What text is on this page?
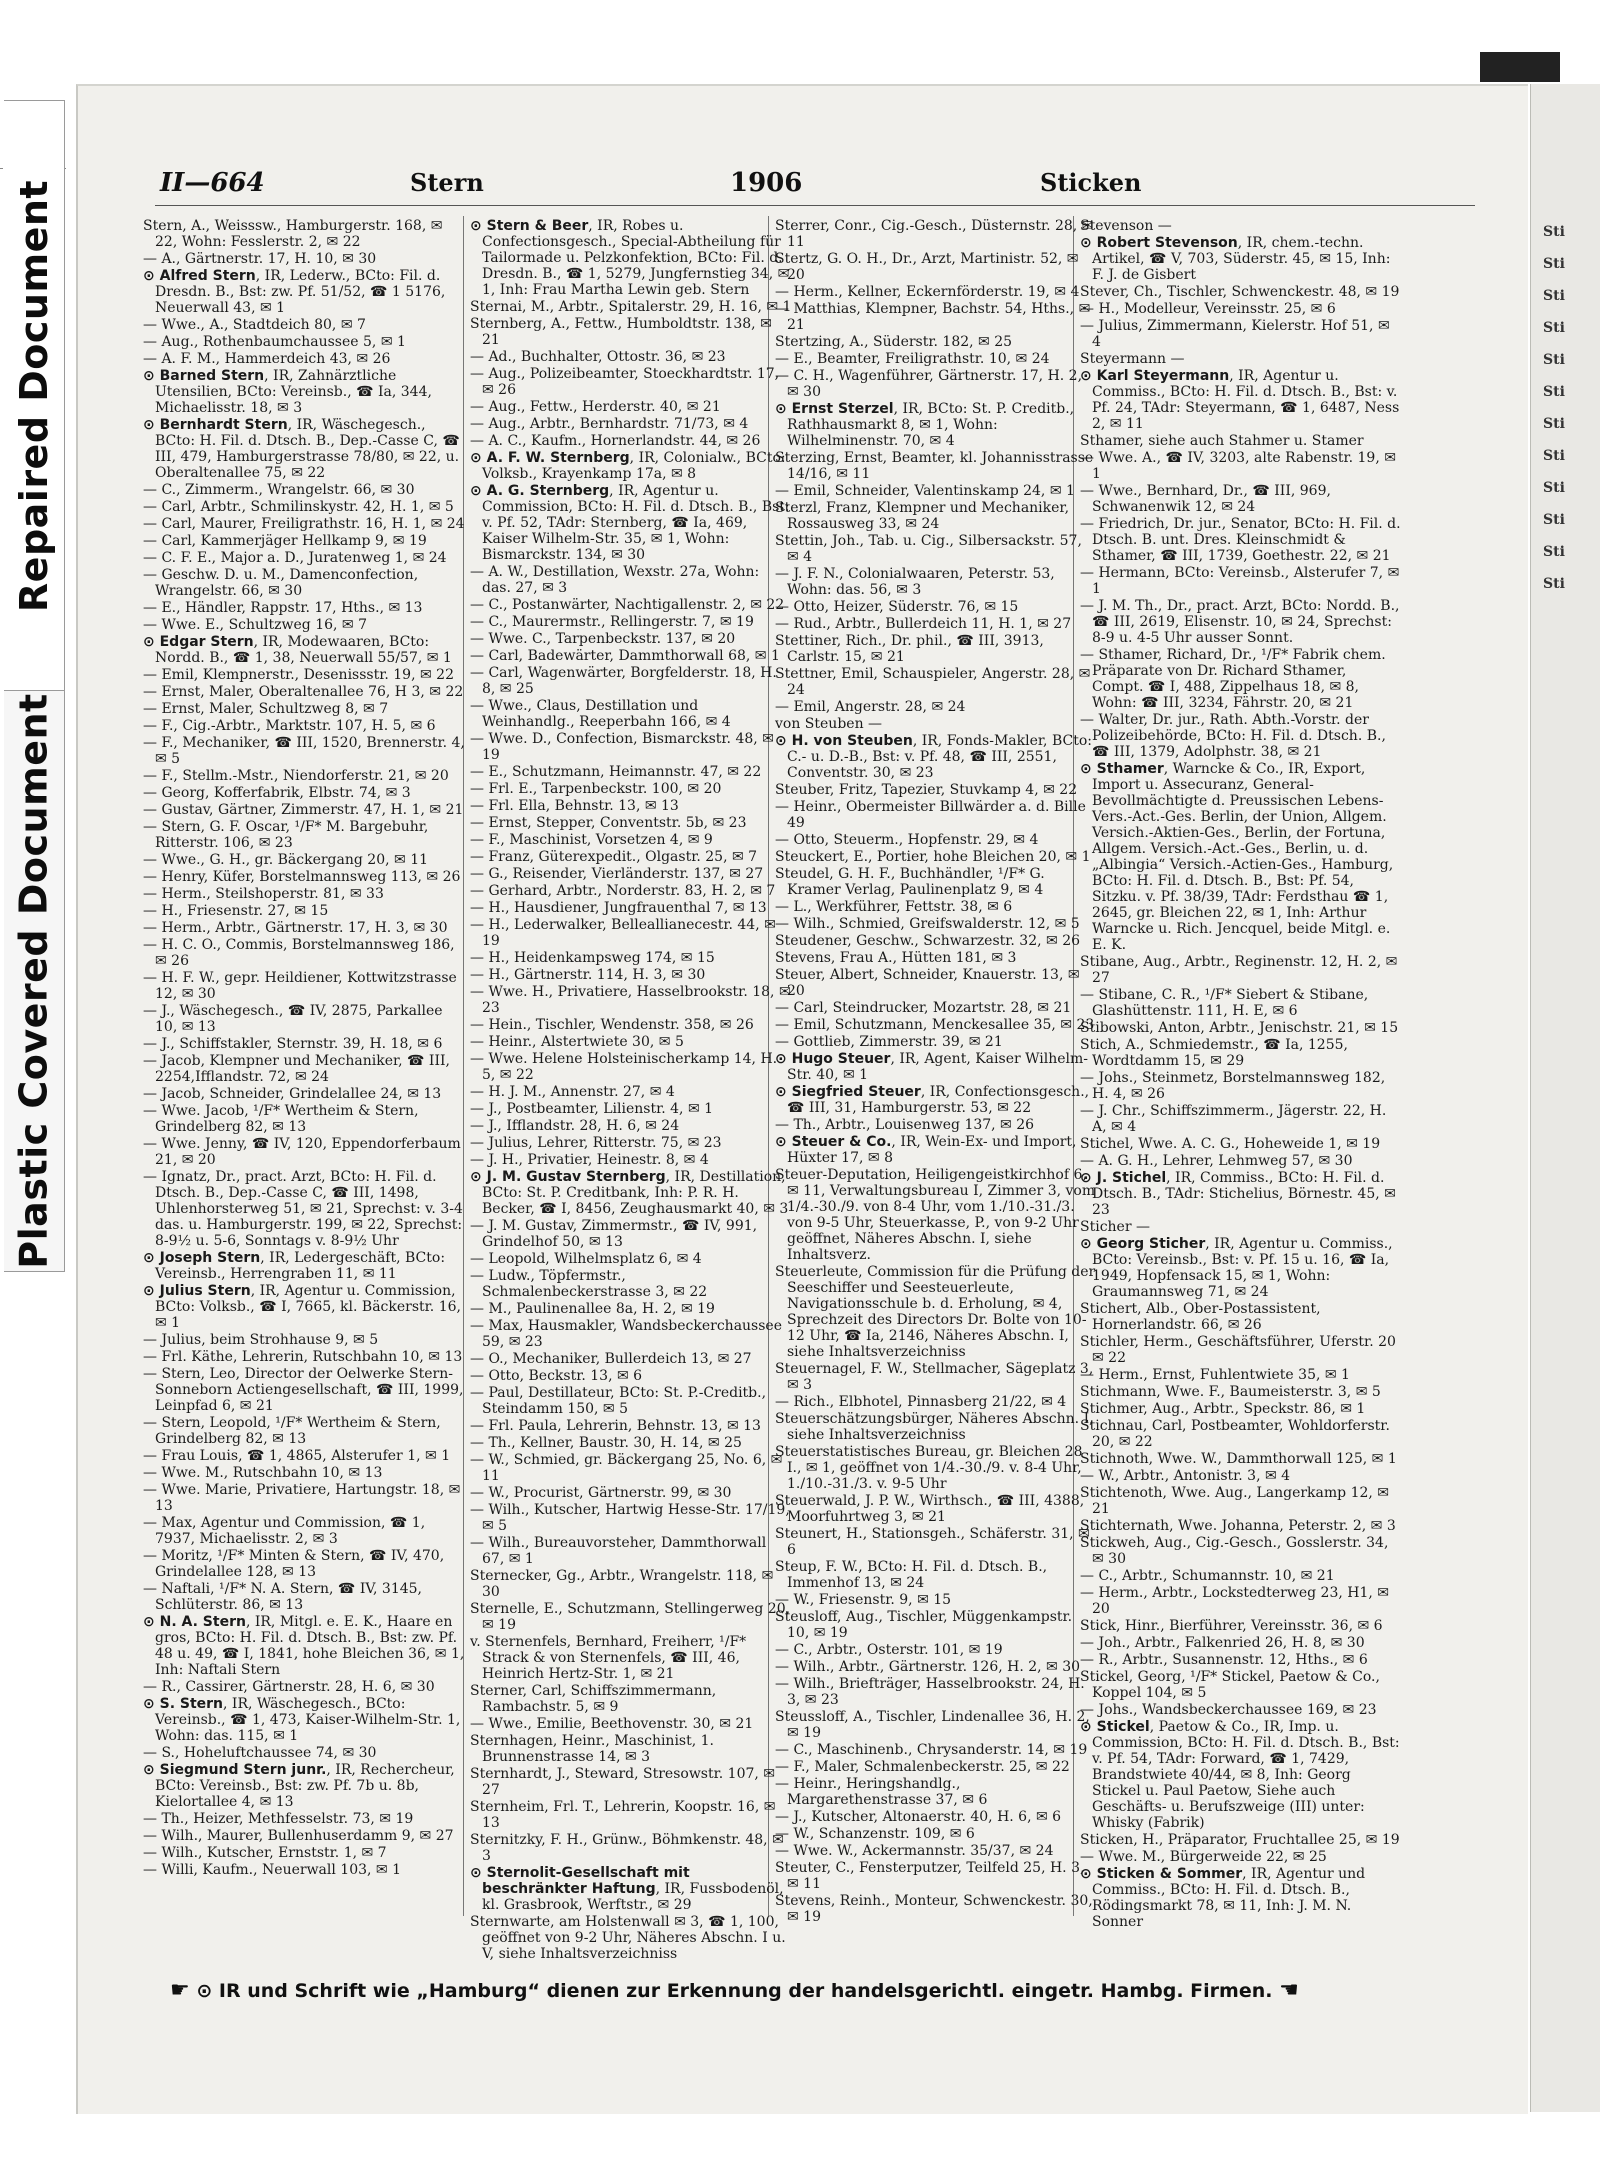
Repaired Document
Plastic Covered Document
Sti
Sti
Sti
Sti
Sti
Sti
Sti
Sti
Sti
Sti
Sti
Sti
II—664	Stern	1906	Sticken

Stern, A., Weisssw., Hamburgerstr. 168, ✉ 22, Wohn: Fesslerstr. 2, ✉ 22

— A., Gärtnerstr. 17, H. 10, ✉ 30

⊙ Alfred Stern, IR, Lederw., BCto: Fil. d. Dresdn. B., Bst: zw. Pf. 51/52, ☎ 1 5176, Neuerwall 43, ✉ 1

— Wwe., A., Stadtdeich 80, ✉ 7

— Aug., Rothenbaumchaussee 5, ✉ 1

— A. F. M., Hammerdeich 43, ✉ 26

⊙ Barned Stern, IR, Zahnärztliche Utensilien, BCto: Vereinsb., ☎ Ia, 344, Michaelisstr. 18, ✉ 3

⊙ Bernhardt Stern, IR, Wäschegesch., BCto: H. Fil. d. Dtsch. B., Dep.-Casse C, ☎ III, 479, Hamburgerstrasse 78/80, ✉ 22, u. Oberaltenallee 75, ✉ 22

— C., Zimmerm., Wrangelstr. 66, ✉ 30

— Carl, Arbtr., Schmilinskystr. 42, H. 1, ✉ 5

— Carl, Maurer, Freiligrathstr. 16, H. 1, ✉ 24

— Carl, Kammerjäger Hellkamp 9, ✉ 19

— C. F. E., Major a. D., Juratenweg 1, ✉ 24

— Geschw. D. u. M., Damenconfection, Wrangelstr. 66, ✉ 30

— E., Händler, Rappstr. 17, Hths., ✉ 13

— Wwe. E., Schultzweg 16, ✉ 7

⊙ Edgar Stern, IR, Modewaaren, BCto: Nordd. B., ☎ 1, 38, Neuerwall 55/57, ✉ 1

— Emil, Klempnerstr., Desenissstr. 19, ✉ 22

— Ernst, Maler, Oberaltenallee 76, H 3, ✉ 22

— Ernst, Maler, Schultzweg 8, ✉ 7

— F., Cig.-Arbtr., Marktstr. 107, H. 5, ✉ 6

— F., Mechaniker, ☎ III, 1520, Brennerstr. 4, ✉ 5

— F., Stellm.-Mstr., Niendorferstr. 21, ✉ 20

— Georg, Kofferfabrik, Elbstr. 74, ✉ 3

— Gustav, Gärtner, Zimmerstr. 47, H. 1, ✉ 21

— Stern, G. F. Oscar, ¹/F* M. Bargebuhr, Ritterstr. 106, ✉ 23

— Wwe., G. H., gr. Bäckergang 20, ✉ 11

— Henry, Küfer, Borstelmannsweg 113, ✉ 26

— Herm., Steilshoperstr. 81, ✉ 33

— H., Friesenstr. 27, ✉ 15

— Herm., Arbtr., Gärtnerstr. 17, H. 3, ✉ 30

— H. C. O., Commis, Borstelmannsweg 186, ✉ 26

— H. F. W., gepr. Heildiener, Kottwitzstrasse 12, ✉ 30

— J., Wäschegesch., ☎ IV, 2875, Parkallee 10, ✉ 13

— J., Schiffstakler, Sternstr. 39, H. 18, ✉ 6

— Jacob, Klempner und Mechaniker, ☎ III, 2254,Ifflandstr. 72, ✉ 24

— Jacob, Schneider, Grindelallee 24, ✉ 13

— Wwe. Jacob, ¹/F* Wertheim & Stern, Grindelberg 82, ✉ 13

— Wwe. Jenny, ☎ IV, 120, Eppendorferbaum 21, ✉ 20

— Ignatz, Dr., pract. Arzt, BCto: H. Fil. d. Dtsch. B., Dep.-Casse C, ☎ III, 1498, Uhlenhorsterweg 51, ✉ 21, Sprechst: v. 3-4 das. u. Hamburgerstr. 199, ✉ 22, Sprechst: 8-9½ u. 5-6, Sonntags v. 8-9½ Uhr

⊙ Joseph Stern, IR, Ledergeschäft, BCto: Vereinsb., Herrengraben 11, ✉ 11

⊙ Julius Stern, IR, Agentur u. Commission, BCto: Volksb., ☎ I, 7665, kl. Bäckerstr. 16, ✉ 1

— Julius, beim Strohhause 9, ✉ 5

— Frl. Käthe, Lehrerin, Rutschbahn 10, ✉ 13

— Stern, Leo, Director der Oelwerke Stern-Sonneborn Actiengesellschaft, ☎ III, 1999, Leinpfad 6, ✉ 21

— Stern, Leopold, ¹/F* Wertheim & Stern, Grindelberg 82, ✉ 13

— Frau Louis, ☎ 1, 4865, Alsterufer 1, ✉ 1

— Wwe. M., Rutschbahn 10, ✉ 13

— Wwe. Marie, Privatiere, Hartungstr. 18, ✉ 13

— Max, Agentur und Commission, ☎ 1, 7937, Michaelisstr. 2, ✉ 3

— Moritz, ¹/F* Minten & Stern, ☎ IV, 470, Grindelallee 128, ✉ 13

— Naftali, ¹/F* N. A. Stern, ☎ IV, 3145, Schlüterstr. 86, ✉ 13

⊙ N. A. Stern, IR, Mitgl. e. E. K., Haare en gros, BCto: H. Fil. d. Dtsch. B., Bst: zw. Pf. 48 u. 49, ☎ I, 1841, hohe Bleichen 36, ✉ 1, Inh: Naftali Stern

— R., Cassirer, Gärtnerstr. 28, H. 6, ✉ 30

⊙ S. Stern, IR, Wäschegesch., BCto: Vereinsb., ☎ 1, 473, Kaiser-Wilhelm-Str. 1, Wohn: das. 115, ✉ 1

— S., Hoheluftchaussee 74, ✉ 30

⊙ Siegmund Stern junr., IR, Rechercheur, BCto: Vereinsb., Bst: zw. Pf. 7b u. 8b, Kielortallee 4, ✉ 13

— Th., Heizer, Methfesselstr. 73, ✉ 19

— Wilh., Maurer, Bullenhuserdamm 9, ✉ 27

— Wilh., Kutscher, Ernststr. 1, ✉ 7

— Willi, Kaufm., Neuerwall 103, ✉ 1

⊙ Stern & Beer, IR, Robes u. Confectionsgesch., Special-Abtheilung für Tailormade u. Pelzkonfektion, BCto: Fil. d. Dresdn. B., ☎ 1, 5279, Jungfernstieg 34, ✉ 1, Inh: Frau Martha Lewin geb. Stern

Sternai, M., Arbtr., Spitalerstr. 29, H. 16, ✉ 1

Sternberg, A., Fettw., Humboldtstr. 138, ✉ 21

— Ad., Buchhalter, Ottostr. 36, ✉ 23

— Aug., Polizeibeamter, Stoeckhardtstr. 17, ✉ 26

— Aug., Fettw., Herderstr. 40, ✉ 21

— Aug., Arbtr., Bernhardstr. 71/73, ✉ 4

— A. C., Kaufm., Hornerlandstr. 44, ✉ 26

⊙ A. F. W. Sternberg, IR, Colonialw., BCto: Volksb., Krayenkamp 17a, ✉ 8

⊙ A. G. Sternberg, IR, Agentur u. Commission, BCto: H. Fil. d. Dtsch. B., Bst: v. Pf. 52, TAdr: Sternberg, ☎ Ia, 469, Kaiser Wilhelm-Str. 35, ✉ 1, Wohn: Bismarckstr. 134, ✉ 30

— A. W., Destillation, Wexstr. 27a, Wohn: das. 27, ✉ 3

— C., Postanwärter, Nachtigallenstr. 2, ✉ 22

— C., Maurermstr., Rellingerstr. 7, ✉ 19

— Wwe. C., Tarpenbeckstr. 137, ✉ 20

— Carl, Badewärter, Dammthorwall 68, ✉ 1

— Carl, Wagenwärter, Borgfelderstr. 18, H. 8, ✉ 25

— Wwe., Claus, Destillation und Weinhandlg., Reeperbahn 166, ✉ 4

— Wwe. D., Confection, Bismarckstr. 48, ✉ 19

— E., Schutzmann, Heimannstr. 47, ✉ 22

— Frl. E., Tarpenbeckstr. 100, ✉ 20

— Frl. Ella, Behnstr. 13, ✉ 13

— Ernst, Stepper, Conventstr. 5b, ✉ 23

— F., Maschinist, Vorsetzen 4, ✉ 9

— Franz, Güterexpedit., Olgastr. 25, ✉ 7

— G., Reisender, Vierländerstr. 137, ✉ 27

— Gerhard, Arbtr., Norderstr. 83, H. 2, ✉ 7

— H., Hausdiener, Jungfrauenthal 7, ✉ 13

— H., Lederwalker, Belleallianecestr. 44, ✉ 19

— H., Heidenkampsweg 174, ✉ 15

— H., Gärtnerstr. 114, H. 3, ✉ 30

— Wwe. H., Privatiere, Hasselbrookstr. 18, ✉ 23

— Hein., Tischler, Wendenstr. 358, ✉ 26

— Heinr., Alstertwiete 30, ✉ 5

— Wwe. Helene Holsteinischerkamp 14, H. 5, ✉ 22

— H. J. M., Annenstr. 27, ✉ 4

— J., Postbeamter, Lilienstr. 4, ✉ 1

— J., Ifflandstr. 28, H. 6, ✉ 24

— Julius, Lehrer, Ritterstr. 75, ✉ 23

— J. H., Privatier, Heinestr. 8, ✉ 4

⊙ J. M. Gustav Sternberg, IR, Destillation, BCto: St. P. Creditbank, Inh: P. R. H. Becker, ☎ I, 8456, Zeughausmarkt 40, ✉ 3

— J. M. Gustav, Zimmermstr., ☎ IV, 991, Grindelhof 50, ✉ 13

— Leopold, Wilhelmsplatz 6, ✉ 4

— Ludw., Töpfermstr., Schmalenbeckerstrasse 3, ✉ 22

— M., Paulinenallee 8a, H. 2, ✉ 19

— Max, Hausmakler, Wandsbeckerchaussee 59, ✉ 23

— O., Mechaniker, Bullerdeich 13, ✉ 27

— Otto, Beckstr. 13, ✉ 6

— Paul, Destillateur, BCto: St. P.-Creditb., Steindamm 150, ✉ 5

— Frl. Paula, Lehrerin, Behnstr. 13, ✉ 13

— Th., Kellner, Baustr. 30, H. 14, ✉ 25

— W., Schmied, gr. Bäckergang 25, No. 6, ✉ 11

— W., Procurist, Gärtnerstr. 99, ✉ 30

— Wilh., Kutscher, Hartwig Hesse-Str. 17/19, ✉ 5

— Wilh., Bureauvorsteher, Dammthorwall 67, ✉ 1

Sternecker, Gg., Arbtr., Wrangelstr. 118, ✉ 30

Sternelle, E., Schutzmann, Stellingerweg 20, ✉ 19

v. Sternenfels, Bernhard, Freiherr, ¹/F* Strack & von Sternenfels, ☎ III, 46, Heinrich Hertz-Str. 1, ✉ 21

Sterner, Carl, Schiffszimmermann, Rambachstr. 5, ✉ 9

— Wwe., Emilie, Beethovenstr. 30, ✉ 21

Sternhagen, Heinr., Maschinist, 1. Brunnenstrasse 14, ✉ 3

Sternhardt, J., Steward, Stresowstr. 107, ✉ 27

Sternheim, Frl. T., Lehrerin, Koopstr. 16, ✉ 13

Sternitzky, F. H., Grünw., Böhmkenstr. 48, ✉ 3

⊙ Sternolit-Gesellschaft mit beschränkter Haftung, IR, Fussbodenöl, kl. Grasbrook, Werftstr., ✉ 29

Sternwarte, am Holstenwall ✉ 3, ☎ 1, 100, geöffnet von 9-2 Uhr, Näheres Abschn. I u. V, siehe Inhaltsverzeichniss

Sterrer, Conr., Cig.-Gesch., Düsternstr. 28, ✉ 11

Stertz, G. O. H., Dr., Arzt, Martinistr. 52, ✉ 20

— Herm., Kellner, Eckernförderstr. 19, ✉ 4

— Matthias, Klempner, Bachstr. 54, Hths., ✉ 21

Stertzing, A., Süderstr. 182, ✉ 25

— E., Beamter, Freiligrathstr. 10, ✉ 24

— C. H., Wagenführer, Gärtnerstr. 17, H. 2, ✉ 30

⊙ Ernst Sterzel, IR, BCto: St. P. Creditb., Rathhausmarkt 8, ✉ 1, Wohn: Wilhelminenstr. 70, ✉ 4

Sterzing, Ernst, Beamter, kl. Johannisstrasse 14/16, ✉ 11

— Emil, Schneider, Valentinskamp 24, ✉ 1

Sterzl, Franz, Klempner und Mechaniker, Rossausweg 33, ✉ 24

Stettin, Joh., Tab. u. Cig., Silbersackstr. 57, ✉ 4

— J. F. N., Colonialwaaren, Peterstr. 53, Wohn: das. 56, ✉ 3

— Otto, Heizer, Süderstr. 76, ✉ 15

— Rud., Arbtr., Bullerdeich 11, H. 1, ✉ 27

Stettiner, Rich., Dr. phil., ☎ III, 3913, Carlstr. 15, ✉ 21

Stettner, Emil, Schauspieler, Angerstr. 28, ✉ 24

— Emil, Angerstr. 28, ✉ 24

von Steuben —

⊙ H. von Steuben, IR, Fonds-Makler, BCto: C.- u. D.-B., Bst: v. Pf. 48, ☎ III, 2551, Conventstr. 30, ✉ 23

Steuber, Fritz, Tapezier, Stuvkamp 4, ✉ 22

— Heinr., Obermeister Billwärder a. d. Bille 49

— Otto, Steuerm., Hopfenstr. 29, ✉ 4

Steuckert, E., Portier, hohe Bleichen 20, ✉ 1

Steudel, G. H. F., Buchhändler, ¹/F* G. Kramer Verlag, Paulinenplatz 9, ✉ 4

— L., Werkführer, Fettstr. 38, ✉ 6

— Wilh., Schmied, Greifswalderstr. 12, ✉ 5

Steudener, Geschw., Schwarzestr. 32, ✉ 26

Stevens, Frau A., Hütten 181, ✉ 3

Steuer, Albert, Schneider, Knauerstr. 13, ✉ 20

— Carl, Steindrucker, Mozartstr. 28, ✉ 21

— Emil, Schutzmann, Menckesallee 35, ✉ 23

— Gottlieb, Zimmerstr. 39, ✉ 21

⊙ Hugo Steuer, IR, Agent, Kaiser Wilhelm-Str. 40, ✉ 1

⊙ Siegfried Steuer, IR, Confectionsgesch., ☎ III, 31, Hamburgerstr. 53, ✉ 22

— Th., Arbtr., Louisenweg 137, ✉ 26

⊙ Steuer & Co., IR, Wein-Ex- und Import, Hüxter 17, ✉ 8

Steuer-Deputation, Heiligengeistkirchhof 6, ✉ 11, Verwaltungsbureau I, Zimmer 3, vom 1/4.-30./9. von 8-4 Uhr, vom 1./10.-31./3. von 9-5 Uhr, Steuerkasse, P., von 9-2 Uhr geöffnet, Näheres Abschn. I, siehe Inhaltsverz.

Steuerleute, Commission für die Prüfung der Seeschiffer und Seesteuerleute, Navigationsschule b. d. Erholung, ✉ 4, Sprechzeit des Directors Dr. Bolte von 10-12 Uhr, ☎ Ia, 2146, Näheres Abschn. I, siehe Inhaltsverzeichniss

Steuernagel, F. W., Stellmacher, Sägeplatz 3, ✉ 3

— Rich., Elbhotel, Pinnasberg 21/22, ✉ 4

Steuerschätzungsbürger, Näheres Abschn. I, siehe Inhaltsverzeichniss

Steuerstatistisches Bureau, gr. Bleichen 28 I., ✉ 1, geöffnet von 1/4.-30./9. v. 8-4 Uhr, 1./10.-31./3. v. 9-5 Uhr

Steuerwald, J. P. W., Wirthsch., ☎ III, 4388, Moorfuhrtweg 3, ✉ 21

Steunert, H., Stationsgeh., Schäferstr. 31, ✉ 6

Steup, F. W., BCto: H. Fil. d. Dtsch. B., Immenhof 13, ✉ 24

— W., Friesenstr. 9, ✉ 15

Steusloff, Aug., Tischler, Müggenkampstr. 10, ✉ 19

— C., Arbtr., Osterstr. 101, ✉ 19

— Wilh., Arbtr., Gärtnerstr. 126, H. 2, ✉ 30

— Wilh., Briefträger, Hasselbrookstr. 24, H. 3, ✉ 23

Steussloff, A., Tischler, Lindenallee 36, H. 2, ✉ 19

— C., Maschinenb., Chrysanderstr. 14, ✉ 19

— F., Maler, Schmalenbeckerstr. 25, ✉ 22

— Heinr., Heringshandlg., Margarethenstrasse 37, ✉ 6

— J., Kutscher, Altonaerstr. 40, H. 6, ✉ 6

— W., Schanzenstr. 109, ✉ 6

— Wwe. W., Ackermannstr. 35/37, ✉ 24

Steuter, C., Fensterputzer, Teilfeld 25, H. 3, ✉ 11

Stevens, Reinh., Monteur, Schwenckestr. 30, ✉ 19

Stevenson —

⊙ Robert Stevenson, IR, chem.-techn. Artikel, ☎ V, 703, Süderstr. 45, ✉ 15, Inh: F. J. de Gisbert

Stever, Ch., Tischler, Schwenckestr. 48, ✉ 19

— H., Modelleur, Vereinsstr. 25, ✉ 6

— Julius, Zimmermann, Kielerstr. Hof 51, ✉ 4

Steyermann —

⊙ Karl Steyermann, IR, Agentur u. Commiss., BCto: H. Fil. d. Dtsch. B., Bst: v. Pf. 24, TAdr: Steyermann, ☎ 1, 6487, Ness 2, ✉ 11

Sthamer, siehe auch Stahmer u. Stamer

— Wwe. A., ☎ IV, 3203, alte Rabenstr. 19, ✉ 1

— Wwe., Bernhard, Dr., ☎ III, 969, Schwanenwik 12, ✉ 24

— Friedrich, Dr. jur., Senator, BCto: H. Fil. d. Dtsch. B. unt. Dres. Kleinschmidt & Sthamer, ☎ III, 1739, Goethestr. 22, ✉ 21

— Hermann, BCto: Vereinsb., Alsterufer 7, ✉ 1

— J. M. Th., Dr., pract. Arzt, BCto: Nordd. B., ☎ III, 2619, Elisenstr. 10, ✉ 24, Sprechst: 8-9 u. 4-5 Uhr ausser Sonnt.

— Sthamer, Richard, Dr., ¹/F* Fabrik chem. Präparate von Dr. Richard Sthamer, Compt. ☎ I, 488, Zippelhaus 18, ✉ 8, Wohn: ☎ III, 3234, Fährstr. 20, ✉ 21

— Walter, Dr. jur., Rath. Abth.-Vorstr. der Polizeibehörde, BCto: H. Fil. d. Dtsch. B., ☎ III, 1379, Adolphstr. 38, ✉ 21

⊙ Sthamer, Warncke & Co., IR, Export, Import u. Assecuranz, General-Bevollmächtigte d. Preussischen Lebens-Vers.-Act.-Ges. Berlin, der Union, Allgem. Versich.-Aktien-Ges., Berlin, der Fortuna, Allgem. Versich.-Act.-Ges., Berlin, u. d. „Albingia“ Versich.-Actien-Ges., Hamburg, BCto: H. Fil. d. Dtsch. B., Bst: Pf. 54, Sitzku. v. Pf. 38/39, TAdr: Ferdsthau ☎ 1, 2645, gr. Bleichen 22, ✉ 1, Inh: Arthur Warncke u. Rich. Jencquel, beide Mitgl. e. E. K.

Stibane, Aug., Arbtr., Reginenstr. 12, H. 2, ✉ 27

— Stibane, C. R., ¹/F* Siebert & Stibane, Glashüttenstr. 111, H. E, ✉ 6

Stibowski, Anton, Arbtr., Jenischstr. 21, ✉ 15

Stich, A., Schmiedemstr., ☎ Ia, 1255, Wordtdamm 15, ✉ 29

— Johs., Steinmetz, Borstelmannsweg 182, H. 4, ✉ 26

— J. Chr., Schiffszimmerm., Jägerstr. 22, H. A, ✉ 4

Stichel, Wwe. A. C. G., Hoheweide 1, ✉ 19

— A. G. H., Lehrer, Lehmweg 57, ✉ 30

⊙ J. Stichel, IR, Commiss., BCto: H. Fil. d. Dtsch. B., TAdr: Stichelius, Börnestr. 45, ✉ 23

Sticher —

⊙ Georg Sticher, IR, Agentur u. Commiss., BCto: Vereinsb., Bst: v. Pf. 15 u. 16, ☎ Ia, 1949, Hopfensack 15, ✉ 1, Wohn: Graumannsweg 71, ✉ 24

Stichert, Alb., Ober-Postassistent, Hornerlandstr. 66, ✉ 26

Stichler, Herm., Geschäftsführer, Uferstr. 20 ✉ 22

— Herm., Ernst, Fuhlentwiete 35, ✉ 1

Stichmann, Wwe. F., Baumeisterstr. 3, ✉ 5

Stichmer, Aug., Arbtr., Speckstr. 86, ✉ 1

Stichnau, Carl, Postbeamter, Wohldorferstr. 20, ✉ 22

Stichnoth, Wwe. W., Dammthorwall 125, ✉ 1

— W., Arbtr., Antonistr. 3, ✉ 4

Stichtenoth, Wwe. Aug., Langerkamp 12, ✉ 21

Stichternath, Wwe. Johanna, Peterstr. 2, ✉ 3

Stickweh, Aug., Cig.-Gesch., Gosslerstr. 34, ✉ 30

— C., Arbtr., Schumannstr. 10, ✉ 21

— Herm., Arbtr., Lockstedterweg 23, H1, ✉ 20

Stick, Hinr., Bierführer, Vereinsstr. 36, ✉ 6

— Joh., Arbtr., Falkenried 26, H. 8, ✉ 30

— R., Arbtr., Susannenstr. 12, Hths., ✉ 6

Stickel, Georg, ¹/F* Stickel, Paetow & Co., Koppel 104, ✉ 5

— Johs., Wandsbeckerchaussee 169, ✉ 23

⊙ Stickel, Paetow & Co., IR, Imp. u. Commission, BCto: H. Fil. d. Dtsch. B., Bst: v. Pf. 54, TAdr: Forward, ☎ 1, 7429, Brandstwiete 40/44, ✉ 8, Inh: Georg Stickel u. Paul Paetow, Siehe auch Geschäfts- u. Berufszweige (III) unter: Whisky (Fabrik)

Sticken, H., Präparator, Fruchtallee 25, ✉ 19

— Wwe. M., Bürgerweide 22, ✉ 25

⊙ Sticken & Sommer, IR, Agentur und Commiss., BCto: H. Fil. d. Dtsch. B., Rödingsmarkt 78, ✉ 11, Inh: J. M. N. Sonner

☛ ⊙ IR und Schrift wie „Hamburg“ dienen zur Erkennung der handelsgerichtl. eingetr. Hambg. Firmen. ☚
